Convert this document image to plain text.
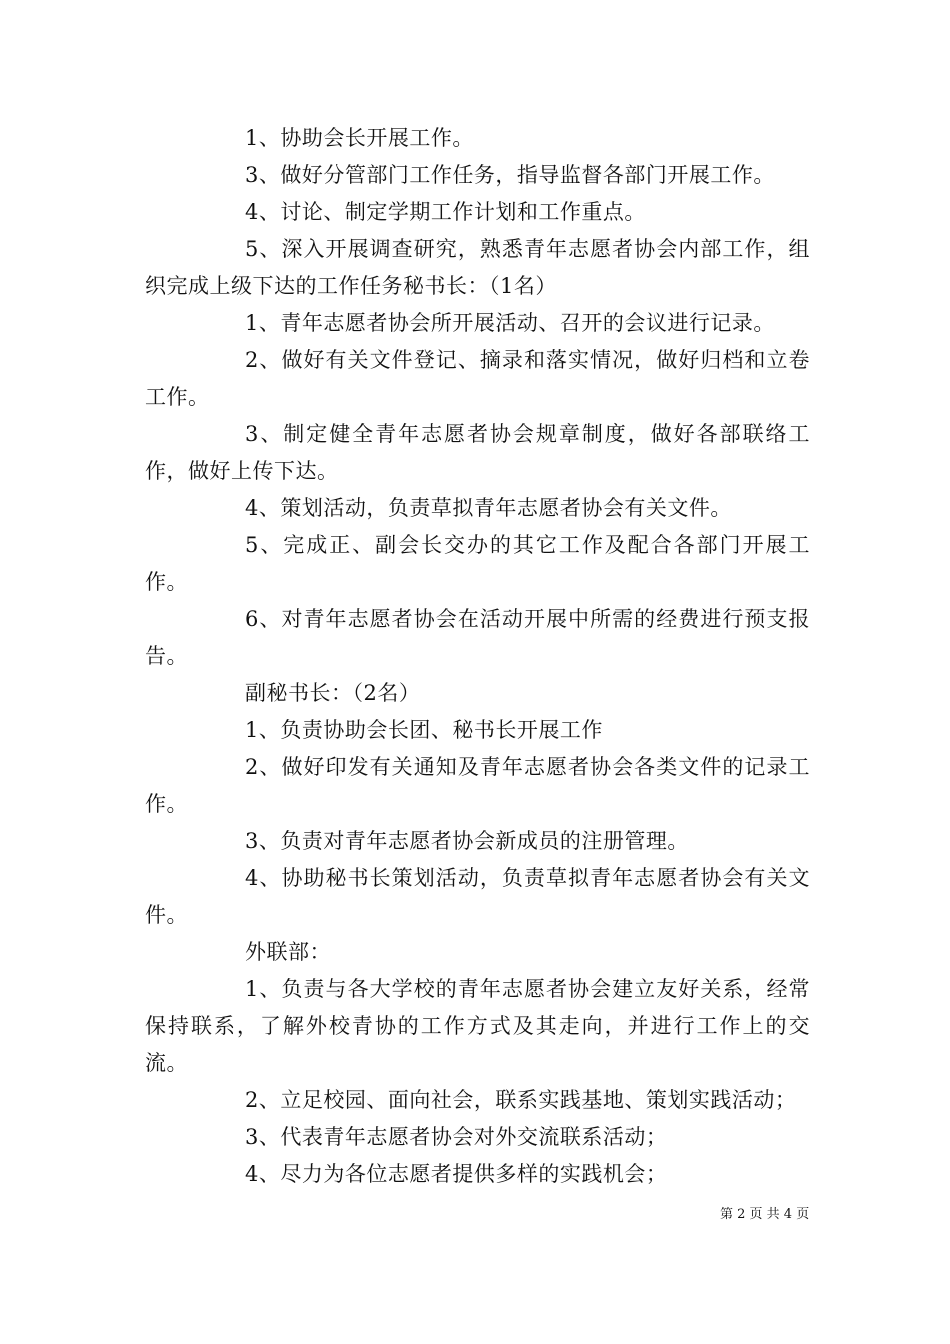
1、协助会长开展工作。

3、做好分管部门工作任务，指导监督各部门开展工作。

4、讨论、制定学期工作计划和工作重点。

5、深入开展调查研究，熟悉青年志愿者协会内部工作，组织完成上级下达的工作任务秘书长：（1名）

1、青年志愿者协会所开展活动、召开的会议进行记录。

2、做好有关文件登记、摘录和落实情况，做好归档和立卷工作。

3、制定健全青年志愿者协会规章制度，做好各部联络工作，做好上传下达。

4、策划活动，负责草拟青年志愿者协会有关文件。

5、完成正、副会长交办的其它工作及配合各部门开展工作。

6、对青年志愿者协会在活动开展中所需的经费进行预支报告。

副秘书长：（2名）

1、负责协助会长团、秘书长开展工作

2、做好印发有关通知及青年志愿者协会各类文件的记录工作。

3、负责对青年志愿者协会新成员的注册管理。

4、协助秘书长策划活动，负责草拟青年志愿者协会有关文件。

外联部：

1、负责与各大学校的青年志愿者协会建立友好关系，经常保持联系，了解外校青协的工作方式及其走向，并进行工作上的交流。

2、立足校园、面向社会，联系实践基地、策划实践活动；

3、代表青年志愿者协会对外交流联系活动；

4、尽力为各位志愿者提供多样的实践机会；

第 2 页 共 4 页
